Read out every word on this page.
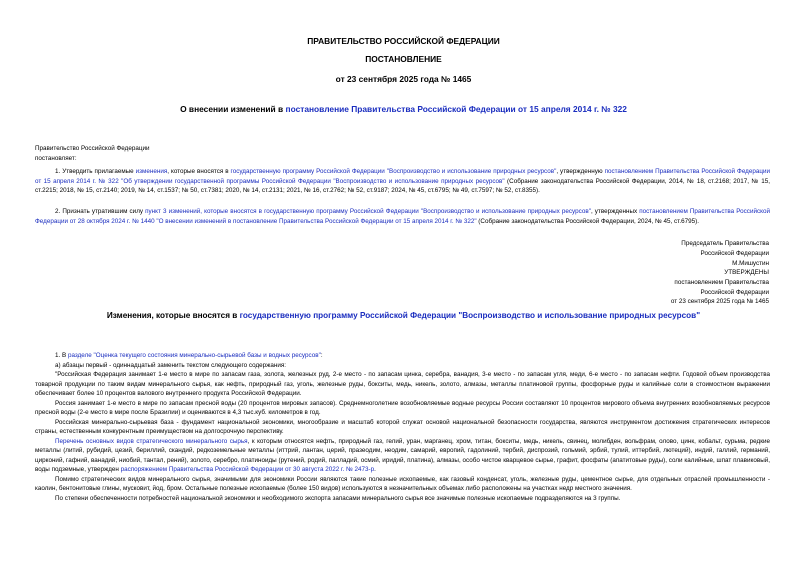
ПРАВИТЕЛЬСТВО РОССИЙСКОЙ ФЕДЕРАЦИИ
ПОСТАНОВЛЕНИЕ
от 23 сентября 2025 года № 1465
О внесении изменений в постановление Правительства Российской Федерации от 15 апреля 2014 г. № 322

Правительство Российской Федерации

постановляет:

1. Утвердить прилагаемые изменения, которые вносятся в государственную программу Российской Федерации "Воспроизводство и использование природных ресурсов", утвержденную постановлением Правительства Российской Федерации от 15 апреля 2014 г. № 322 "Об утверждении государственной программы Российской Федерации "Воспроизводство и использование природных ресурсов" (Собрание законодательства Российской Федерации, 2014, № 18, ст.2168; 2017, № 15, ст.2215; 2018, № 15, ст.2140; 2019, № 14, ст.1537; № 50, ст.7381; 2020, № 14, ст.2131; 2021, № 16, ст.2762; № 52, ст.9187; 2024, № 45, ст.6795; № 49, ст.7597; № 52, ст.8355).

2. Признать утратившим силу пункт 3 изменений, которые вносятся в государственную программу Российской Федерации "Воспроизводство и использование природных ресурсов", утвержденных постановлением Правительства Российской Федерации от 28 октября 2024 г. № 1440 "О внесении изменений в постановление Правительства Российской Федерации от 15 апреля 2014 г. № 322" (Собрание законодательства Российской Федерации, 2024, № 45, ст.6795).

Председатель Правительства
Российской Федерации
М.Мишустин
УТВЕРЖДЕНЫ
постановлением Правительства
Российской Федерации
от 23 сентября 2025 года № 1465
Изменения, которые вносятся в государственную программу Российской Федерации "Воспроизводство и использование природных ресурсов"

1. В разделе "Оценка текущего состояния минерально-сырьевой базы и водных ресурсов":

а) абзацы первый - одиннадцатый заменить текстом следующего содержания:

"Российская Федерация занимает 1-е место в мире по запасам газа, золота, железных руд, 2-е место - по запасам цинка, серебра, ванадия, 3-е место - по запасам угля, меди, 6-е место - по запасам нефти. Годовой объем производства товарной продукции по таким видам минерального сырья, как нефть, природный газ, уголь, железные руды, бокситы, медь, никель, золото, алмазы, металлы платиновой группы, фосфорные руды и калийные соли в стоимостном выражении обеспечивает более 10 процентов валового внутреннего продукта Российской Федерации.

Россия занимает 1-е место в мире по запасам пресной воды (20 процентов мировых запасов). Среднемноголетние возобновляемые водные ресурсы России составляют 10 процентов мирового объема внутренних возобновляемых ресурсов пресной воды (2-е место в мире после Бразилии) и оцениваются в 4,3 тыс.куб. километров в год.

Российская минерально-сырьевая база - фундамент национальной экономики, многообразие и масштаб которой служат основой национальной безопасности государства, являются инструментом достижения стратегических интересов страны, естественным конкурентным преимуществом на долгосрочную перспективу.

Перечень основных видов стратегического минерального сырья, к которым относятся нефть, природный газ, гелий, уран, марганец, хром, титан, бокситы, медь, никель, свинец, молибден, вольфрам, олово, цинк, кобальт, сурьма, редкие металлы (литий, рубидий, цезий, бериллий, скандий, редкоземельные металлы (иттрий, лантан, церий, празеодим, неодим, самарий, европий, гадолиний, тербий, диспрозий, гольмий, эрбий, тулий, иттербий, лютеций), индий, галлий, германий, цирконий, гафний, ванадий, ниобий, тантал, рений), золото, серебро, платиноиды (рутений, родий, палладий, осмий, иридий, платина), алмазы, особо чистое кварцевое сырье, графит, фосфаты (апатитовые руды), соли калийные, шпат плавиковый, воды подземные, утвержден распоряжением Правительства Российской Федерации от 30 августа 2022 г. № 2473-р.

Помимо стратегических видов минерального сырья, значимыми для экономики России являются такие полезные ископаемые, как газовый конденсат, уголь, железные руды, цементное сырье, для отдельных отраслей промышленности - каолин, бентонитовые глины, мусковит, йод, бром. Остальные полезные ископаемые (более 150 видов) используются в незначительных объемах либо расположены на участках недр местного значения.

По степени обеспеченности потребностей национальной экономики и необходимого экспорта запасами минерального сырья все значимые полезные ископаемые подразделяются на 3 группы.
